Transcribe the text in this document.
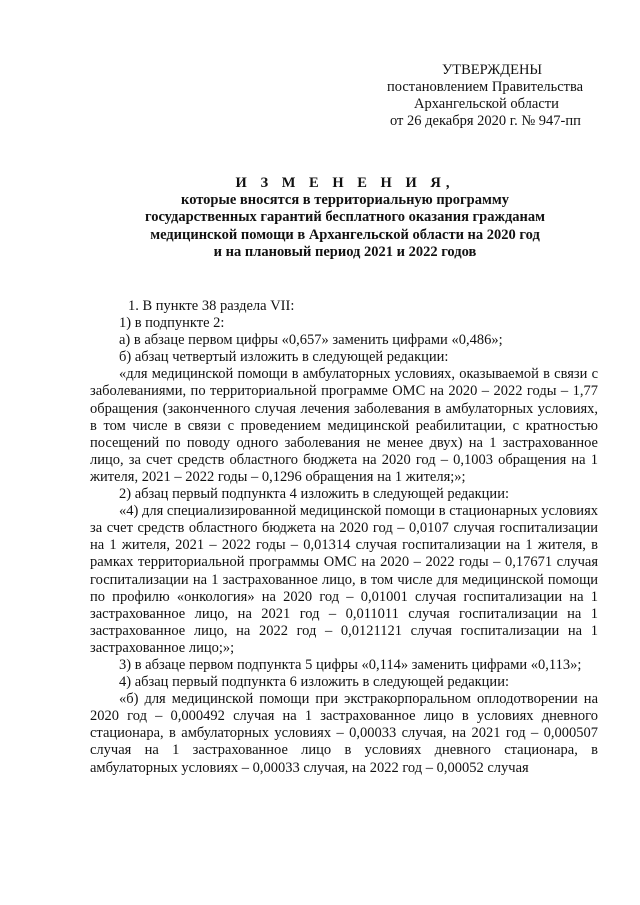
УТВЕРЖДЕНЫ
постановлением Правительства
Архангельской области
от 26 декабря 2020 г. № 947-пп
И З М Е Н Е Н И Я,
которые вносятся в территориальную программу
государственных гарантий бесплатного оказания гражданам
медицинской помощи в Архангельской области на 2020 год
и на плановый период 2021 и 2022 годов

1. В пункте 38 раздела VII:

1) в подпункте 2:

а) в абзаце первом цифры «0,657» заменить цифрами «0,486»;

б) абзац четвертый изложить в следующей редакции:

«для медицинской помощи в амбулаторных условиях, оказываемой в связи с заболеваниями, по территориальной программе ОМС на 2020 – 2022 годы – 1,77 обращения (законченного случая лечения заболевания в амбулаторных условиях, в том числе в связи с проведением медицинской реабилитации, с кратностью посещений по поводу одного заболевания не менее двух) на 1 застрахованное лицо, за счет средств областного бюджета на 2020 год – 0,1003 обращения на 1 жителя, 2021 – 2022 годы – 0,1296 обращения на 1 жителя;»;

2) абзац первый подпункта 4 изложить в следующей редакции:

«4) для специализированной медицинской помощи в стационарных условиях за счет средств областного бюджета на 2020 год – 0,0107 случая госпитализации на 1 жителя, 2021 – 2022 годы – 0,01314 случая госпитализации на 1 жителя, в рамках территориальной программы ОМС на 2020 – 2022 годы – 0,17671 случая госпитализации на 1 застрахованное лицо, в том числе для медицинской помощи по профилю «онкология» на 2020 год – 0,01001 случая госпитализации на 1 застрахованное лицо, на 2021 год – 0,011011 случая госпитализации на 1 застрахованное лицо, на 2022 год – 0,0121121 случая госпитализации на 1 застрахованное лицо;»;

3) в абзаце первом подпункта 5 цифры «0,114» заменить цифрами «0,113»;

4) абзац первый подпункта 6 изложить в следующей редакции:

«б) для медицинской помощи при экстракорпоральном оплодотворении на 2020 год – 0,000492 случая на 1 застрахованное лицо в условиях дневного стационара, в амбулаторных условиях – 0,00033 случая, на 2021 год – 0,000507 случая на 1 застрахованное лицо в условиях дневного стационара, в амбулаторных условиях – 0,00033 случая, на 2022 год – 0,00052 случая
